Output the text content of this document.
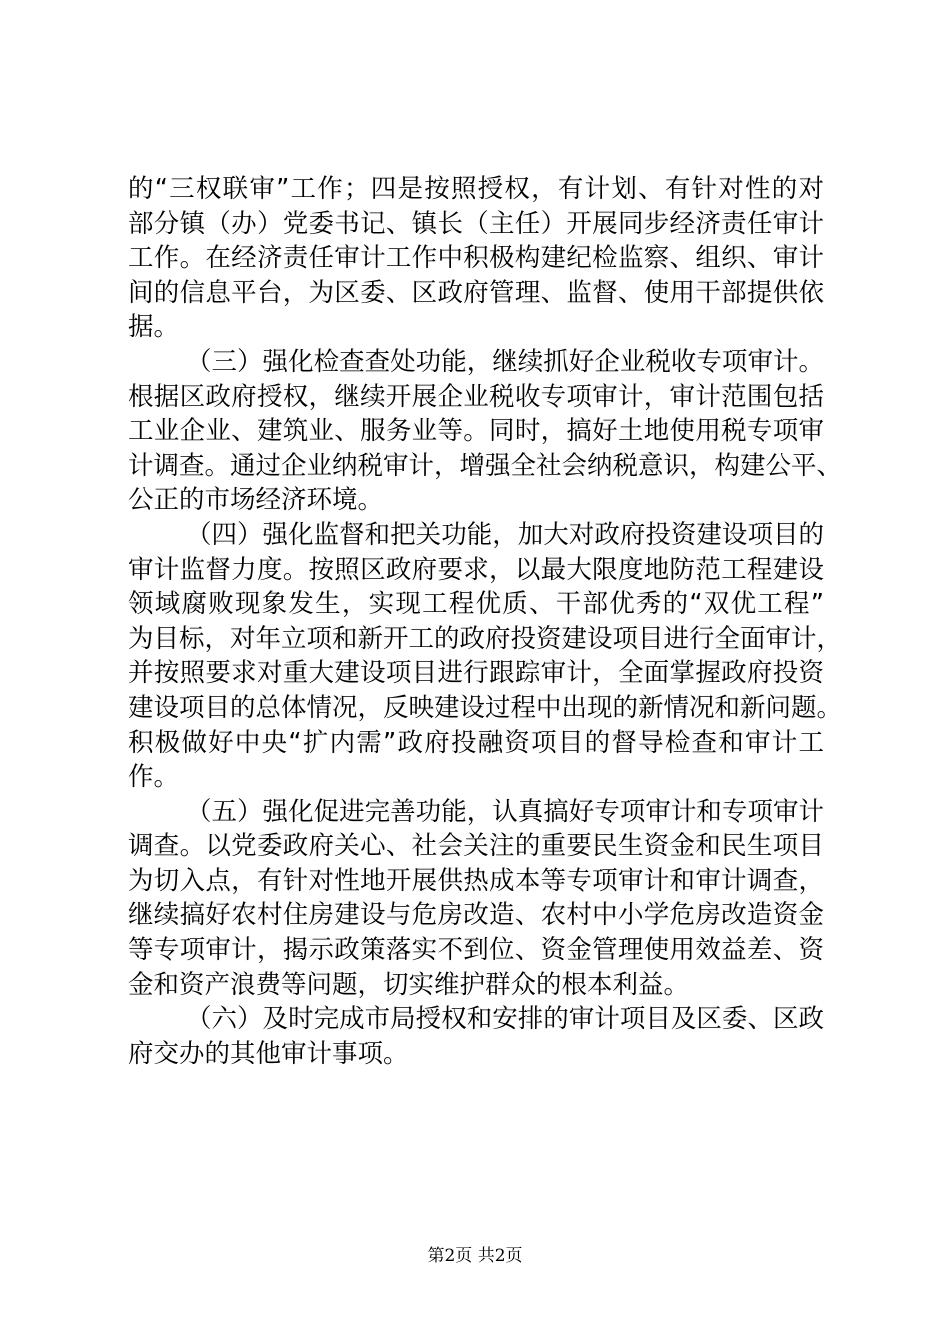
的“三权联审”工作；四是按照授权，有计划、有针对性的对
部分镇（办）党委书记、镇长（主任）开展同步经济责任审计
工作。在经济责任审计工作中积极构建纪检监察、组织、审计
间的信息平台，为区委、区政府管理、监督、使用干部提供依
据。
（三）强化检查查处功能，继续抓好企业税收专项审计。
根据区政府授权，继续开展企业税收专项审计，审计范围包括
工业企业、建筑业、服务业等。同时，搞好土地使用税专项审
计调查。通过企业纳税审计，增强全社会纳税意识，构建公平、
公正的市场经济环境。
（四）强化监督和把关功能，加大对政府投资建设项目的
审计监督力度。按照区政府要求，以最大限度地防范工程建设
领域腐败现象发生，实现工程优质、干部优秀的“双优工程”
为目标，对年立项和新开工的政府投资建设项目进行全面审计，
并按照要求对重大建设项目进行跟踪审计，全面掌握政府投资
建设项目的总体情况，反映建设过程中出现的新情况和新问题。
积极做好中央“扩内需”政府投融资项目的督导检查和审计工
作。
（五）强化促进完善功能，认真搞好专项审计和专项审计
调查。以党委政府关心、社会关注的重要民生资金和民生项目
为切入点，有针对性地开展供热成本等专项审计和审计调查，
继续搞好农村住房建设与危房改造、农村中小学危房改造资金
等专项审计，揭示政策落实不到位、资金管理使用效益差、资
金和资产浪费等问题，切实维护群众的根本利益。
（六）及时完成市局授权和安排的审计项目及区委、区政
府交办的其他审计事项。
第2页 共2页
